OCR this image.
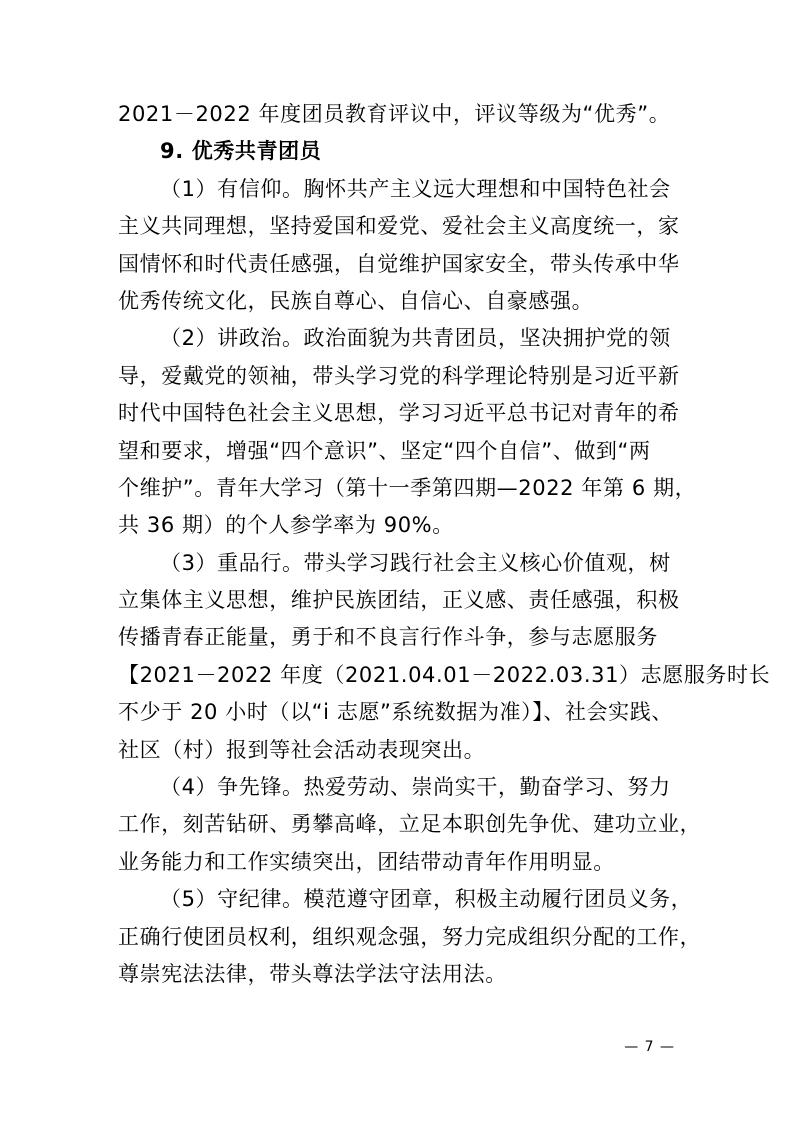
2021－2022 年度团员教育评议中，评议等级为“优秀”。
9. 优秀共青团员
（1）有信仰。胸怀共产主义远大理想和中国特色社会
主义共同理想，坚持爱国和爱党、爱社会主义高度统一，家
国情怀和时代责任感强，自觉维护国家安全，带头传承中华
优秀传统文化，民族自尊心、自信心、自豪感强。
（2）讲政治。政治面貌为共青团员，坚决拥护党的领
导，爱戴党的领袖，带头学习党的科学理论特别是习近平新
时代中国特色社会主义思想，学习习近平总书记对青年的希
望和要求，增强“四个意识”、坚定“四个自信”、做到“两
个维护”。青年大学习（第十一季第四期—2022 年第 6 期，
共 36 期）的个人参学率为 90%。
（3）重品行。带头学习践行社会主义核心价值观，树
立集体主义思想，维护民族团结，正义感、责任感强，积极
传播青春正能量，勇于和不良言行作斗争，参与志愿服务
【2021－2022 年度（2021.04.01－2022.03.31）志愿服务时长
不少于 20 小时（以“i 志愿”系统数据为准）】、社会实践、
社区（村）报到等社会活动表现突出。
（4）争先锋。热爱劳动、崇尚实干，勤奋学习、努力
工作，刻苦钻研、勇攀高峰，立足本职创先争优、建功立业，
业务能力和工作实绩突出，团结带动青年作用明显。
（5）守纪律。模范遵守团章，积极主动履行团员义务，
正确行使团员权利，组织观念强，努力完成组织分配的工作，
尊崇宪法法律，带头尊法学法守法用法。
— 7 —
